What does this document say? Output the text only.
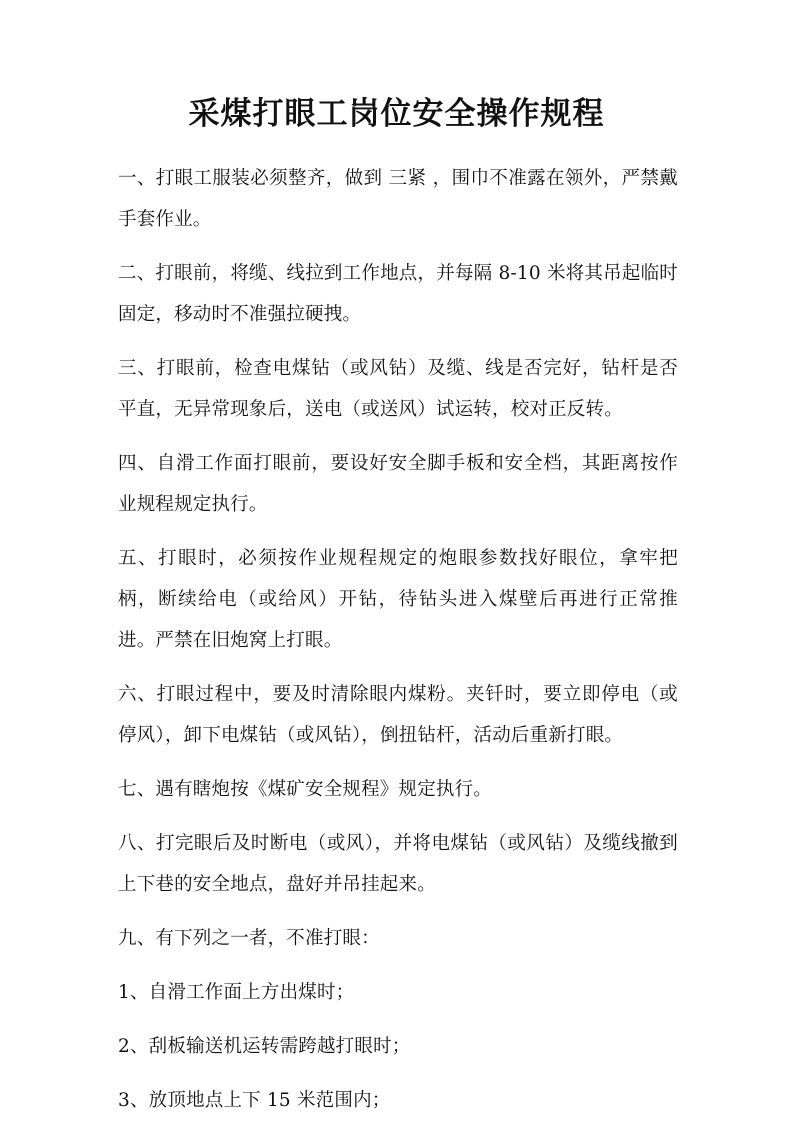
采煤打眼工岗位安全操作规程

一、打眼工服装必须整齐，做到 三紧 ，围巾不准露在领外，严禁戴手套作业。

二、打眼前，将缆、线拉到工作地点，并每隔 8-10 米将其吊起临时固定，移动时不准强拉硬拽。

三、打眼前，检查电煤钻（或风钻）及缆、线是否完好，钻杆是否平直，无异常现象后，送电（或送风）试运转，校对正反转。

四、自滑工作面打眼前，要设好安全脚手板和安全档，其距离按作业规程规定执行。

五、打眼时，必须按作业规程规定的炮眼参数找好眼位，拿牢把柄，断续给电（或给风）开钻，待钻头进入煤壁后再进行正常推进。严禁在旧炮窝上打眼。

六、打眼过程中，要及时清除眼内煤粉。夹钎时，要立即停电（或停风），卸下电煤钻（或风钻），倒扭钻杆，活动后重新打眼。

七、遇有瞎炮按《煤矿安全规程》规定执行。

八、打完眼后及时断电（或风），并将电煤钻（或风钻）及缆线撤到上下巷的安全地点，盘好并吊挂起来。

九、有下列之一者，不准打眼：

1、自滑工作面上方出煤时；

2、刮板输送机运转需跨越打眼时；

3、放顶地点上下 15 米范围内；
